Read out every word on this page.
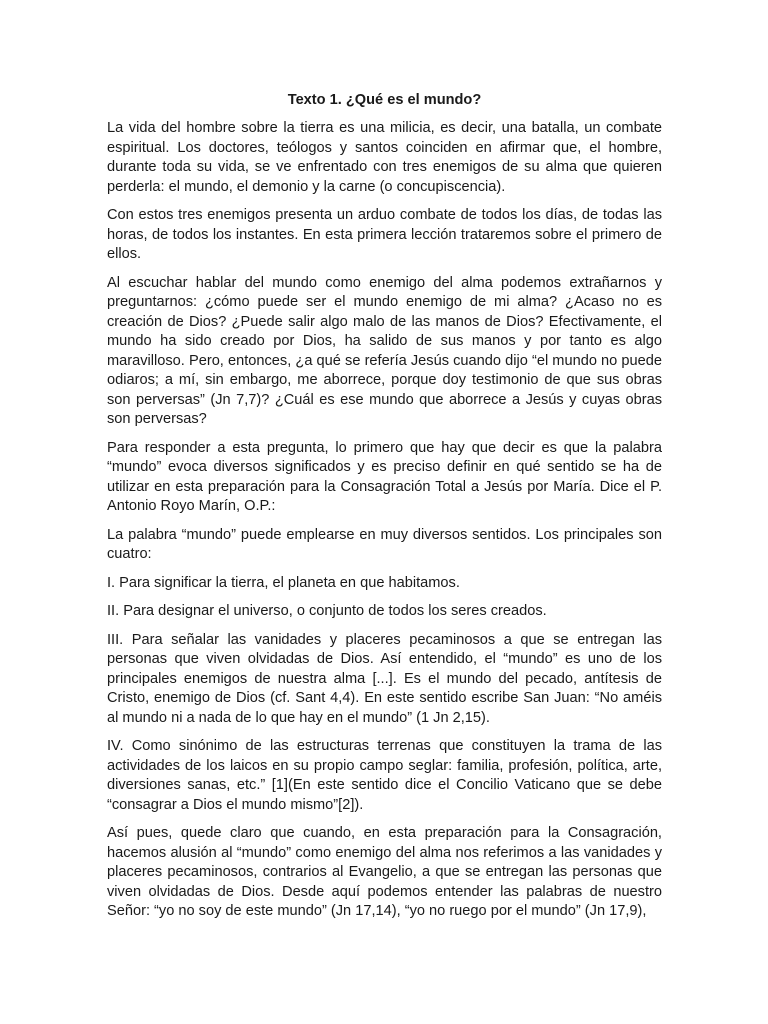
Texto 1. ¿Qué es el mundo?

La vida del hombre sobre la tierra es una milicia, es decir, una batalla, un combate espiritual. Los doctores, teólogos y santos coinciden en afirmar que, el hombre, durante toda su vida, se ve enfrentado con tres enemigos de su alma que quieren perderla: el mundo, el demonio y la carne (o concupiscencia).

Con estos tres enemigos presenta un arduo combate de todos los días, de todas las horas, de todos los instantes. En esta primera lección trataremos sobre el primero de ellos.

Al escuchar hablar del mundo como enemigo del alma podemos extrañarnos y preguntarnos: ¿cómo puede ser el mundo enemigo de mi alma? ¿Acaso no es creación de Dios? ¿Puede salir algo malo de las manos de Dios? Efectivamente, el mundo ha sido creado por Dios, ha salido de sus manos y por tanto es algo maravilloso. Pero, entonces, ¿a qué se refería Jesús cuando dijo “el mundo no puede odiaros; a mí, sin embargo, me aborrece, porque doy testimonio de que sus obras son perversas” (Jn 7,7)? ¿Cuál es ese mundo que aborrece a Jesús y cuyas obras son perversas?

Para responder a esta pregunta, lo primero que hay que decir es que la palabra “mundo” evoca diversos significados y es preciso definir en qué sentido se ha de utilizar en esta preparación para la Consagración Total a Jesús por María. Dice el P. Antonio Royo Marín, O.P.:

La palabra “mundo” puede emplearse en muy diversos sentidos. Los principales son cuatro:

I. Para significar la tierra, el planeta en que habitamos.

II. Para designar el universo, o conjunto de todos los seres creados.

III. Para señalar las vanidades y placeres pecaminosos a que se entregan las personas que viven olvidadas de Dios. Así entendido, el “mundo” es uno de los principales enemigos de nuestra alma [...]. Es el mundo del pecado, antítesis de Cristo, enemigo de Dios (cf. Sant 4,4). En este sentido escribe San Juan: “No améis al mundo ni a nada de lo que hay en el mundo” (1 Jn 2,15).

IV. Como sinónimo de las estructuras terrenas que constituyen la trama de las actividades de los laicos en su propio campo seglar: familia, profesión, política, arte, diversiones sanas, etc.” [1](En este sentido dice el Concilio Vaticano que se debe “consagrar a Dios el mundo mismo”[2]).

Así pues, quede claro que cuando, en esta preparación para la Consagración, hacemos alusión al “mundo” como enemigo del alma nos referimos a las vanidades y placeres pecaminosos, contrarios al Evangelio, a que se entregan las personas que viven olvidadas de Dios. Desde aquí podemos entender las palabras de nuestro Señor: “yo no soy de este mundo” (Jn 17,14), “yo no ruego por el mundo” (Jn 17,9),
